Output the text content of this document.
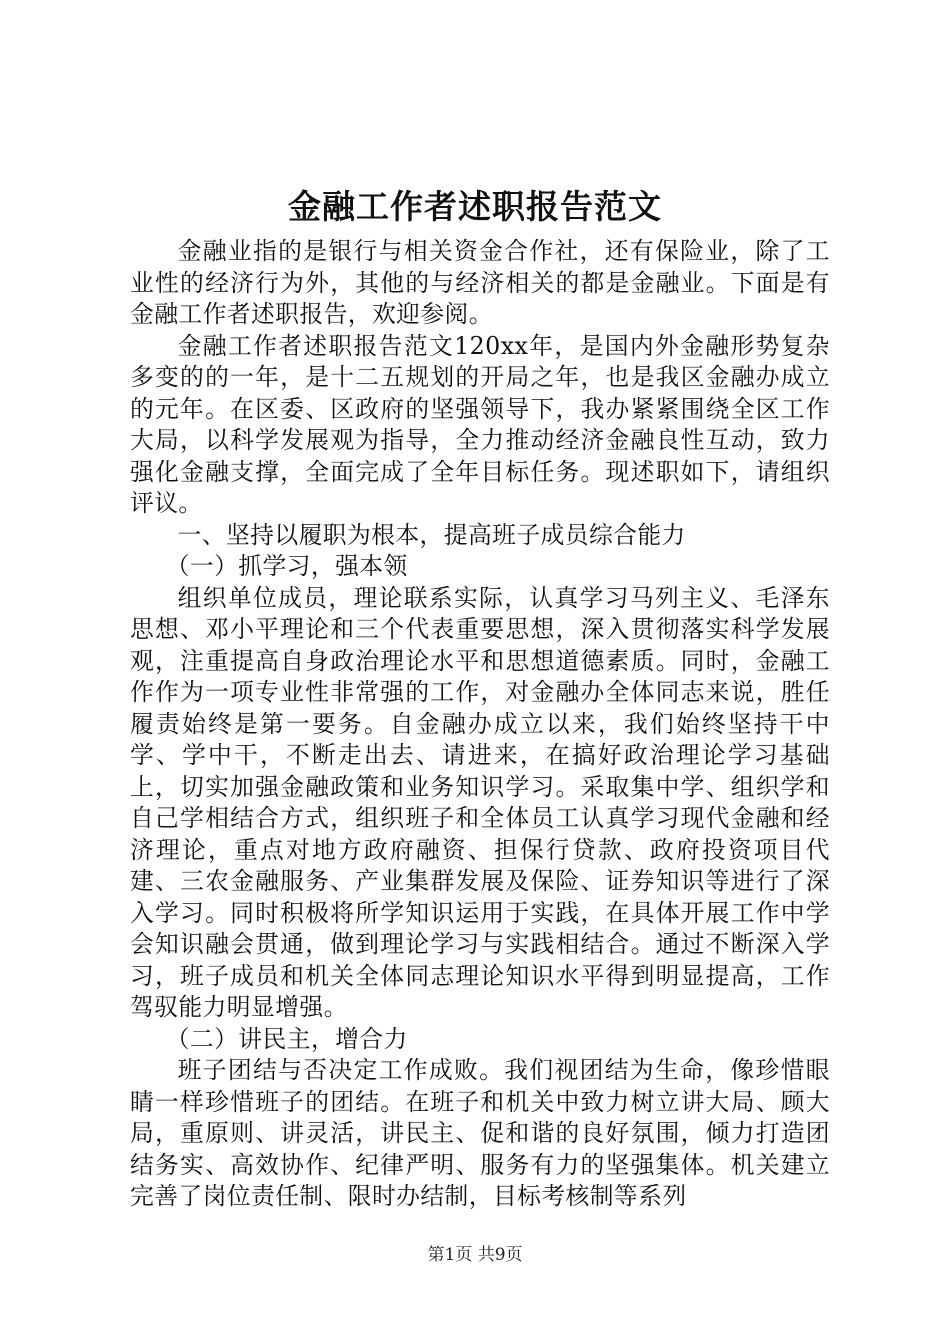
金融工作者述职报告范文

金融业指的是银行与相关资金合作社，还有保险业，除了工业性的经济行为外，其他的与经济相关的都是金融业。下面是有金融工作者述职报告，欢迎参阅。

金融工作者述职报告范文120xx年，是国内外金融形势复杂多变的的一年，是十二五规划的开局之年，也是我区金融办成立的元年。在区委、区政府的坚强领导下，我办紧紧围绕全区工作大局，以科学发展观为指导，全力推动经济金融良性互动，致力强化金融支撑，全面完成了全年目标任务。现述职如下，请组织评议。

一、坚持以履职为根本，提高班子成员综合能力

（一）抓学习，强本领

组织单位成员，理论联系实际，认真学习马列主义、毛泽东思想、邓小平理论和三个代表重要思想，深入贯彻落实科学发展观，注重提高自身政治理论水平和思想道德素质。同时，金融工作作为一项专业性非常强的工作，对金融办全体同志来说，胜任履责始终是第一要务。自金融办成立以来，我们始终坚持干中学、学中干，不断走出去、请进来，在搞好政治理论学习基础上，切实加强金融政策和业务知识学习。采取集中学、组织学和自己学相结合方式，组织班子和全体员工认真学习现代金融和经济理论，重点对地方政府融资、担保行贷款、政府投资项目代建、三农金融服务、产业集群发展及保险、证券知识等进行了深入学习。同时积极将所学知识运用于实践，在具体开展工作中学会知识融会贯通，做到理论学习与实践相结合。通过不断深入学习，班子成员和机关全体同志理论知识水平得到明显提高，工作驾驭能力明显增强。

（二）讲民主，增合力

班子团结与否决定工作成败。我们视团结为生命，像珍惜眼睛一样珍惜班子的团结。在班子和机关中致力树立讲大局、顾大局，重原则、讲灵活，讲民主、促和谐的良好氛围，倾力打造团结务实、高效协作、纪律严明、服务有力的坚强集体。机关建立完善了岗位责任制、限时办结制，目标考核制等系列

第1页 共9页
